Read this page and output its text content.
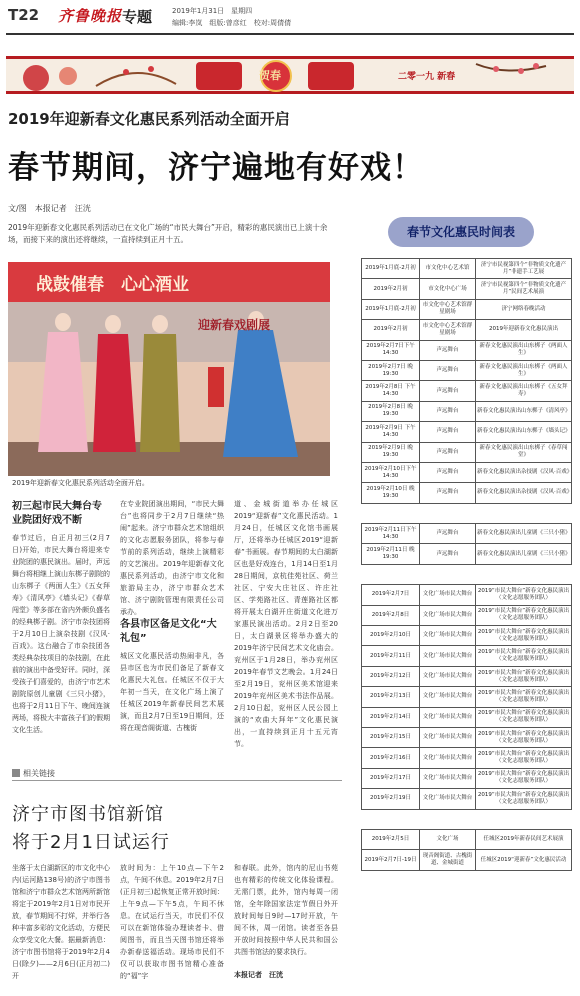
T22 齐鲁晚报 专题	2019年1月31日　星期四
编辑:李岚　组版:曾彦红　校对:周倩倩
贺春	二零一九 新春
2019年迎新春文化惠民系列活动全面开启
春节期间，济宁遍地有好戏！
文/图　本报记者　汪洸
2019年迎新春文化惠民系列活动已在文化广场的“市民大舞台”开启，精彩的惠民演出已上演十余场，而接下来的演出还将继续，一直持续到正月十五。
战鼓催春　心心酒业
迎新春戏剧展
2019年迎新春文化惠民系列活动全面开启。
初三起市民大舞台专业院团好戏不断
春节过后，自正月初三(2月7日)开始，市民大舞台将迎来专业院团的惠民演出。届时，声远舞台将相继上演山东梆子剧院的山东梆子《两面人生》《五女拜寿》《清风亭》《墙头记》《春草闯堂》等多部在省内外颇负盛名的经典梆子剧。济宁市杂技团将于2月10日上演杂技剧《汉风·百戏》。这台融合了市杂技团各类经典杂技项目的杂技剧，在此前的演出中备受好评。同时，深受孩子们喜爱的，由济宁市艺术剧院原创儿童剧《三只小猪》，也将于2月11日下午、晚间连演两场，将极大丰富孩子们的假期文化生活。
在专业院团演出期间，“市民大舞台”也将同步于2月7日继续“热闹”起来。济宁市群众艺术馆组织的文化志愿服务团队，将参与春节前的系列活动，继续上演精彩的文艺演出。2019年迎新春文化惠民系列活动，由济宁市文化和旅游局主办，济宁市群众艺术馆、济宁剧院管理有限责任公司承办。
各县市区备足文化“大礼包”
城区文化惠民活动热闹非凡，各县市区也为市民们备足了新春文化惠民大礼包。任城区不仅于大年初一当天，在文化广场上演了任城区2019年新春民间艺术展演，而且2月7日至19日期间，还将在现音阁街道、古槐街
道、金城街道举办任城区2019“迎新春”文化惠民活动。1月24日，任城区文化馆书画展厅，还将举办任城区2019“迎新春”书画展。春节期间的太白湖新区也是好戏连台，1月14日至1月28日期间，京杭佳苑社区、荷兰社区、宁安大庄社区、许庄社区、学苑路社区、青莲路社区都将开展太白湖开庄街道文化进万家惠民演出活动。2月2日至20日，太白湖景区将举办盛大的2019年济宁民间艺术文化庙会。兖州区于1月28日，举办兖州区2019年春节文艺晚会。1月24日至2月19日，兖州区美术馆迎来2019年兖州区美术书法作品展。2月10日起，兖州区人民公园上演的“欢曲大拜年”文化惠民演出，一直持续到正月十五元宵节。
相关链接
济宁市图书馆新馆
将于2月1日试运行
坐落于太白湖新区的市文化中心内(运河路138号)的济宁市图书馆和济宁市群众艺术馆两所新馆将定于2019年2月1日对市民开放，春节期间不打烊，并举行各种丰富多彩的文化活动，方便民众享受文化大餐。据最新消息：济宁市图书馆将于2019年2月4日(除夕)——2月6日(正月初二)开
放时间为：上午10点—下午2点，午间不休息。2019年2月7日(正月初三)起恢复正常开放时间：上午9点—下午5点，午间不休息。在试运行当天，市民们不仅可以在新馆体验办理读者卡、借阅图书，而且当天图书馆还将举办新春送福活动。现场市民们不仅可以获取市图书馆精心准备的“福”字
和春联。此外，馆内的尼山书苑也有精彩的传统文化体验课程。无需门票，此外，馆内每周一闭馆，全年除国家法定节假日外开放时间每日9时—17时开放，午间不休，周一闭馆。读者至各县开放时间按照中华人民共和国公共图书馆法的要求执行。
本报记者　汪洸
春节文化惠民时间表
2019年1月底-2月初	市文化中心艺术馆	济宁市民视第四个“非物质文化遗产月”非遗手工艺展
2019年2月初	市文化中心广场	济宁市民视第四个“非物质文化遗产月”民间艺术展演
2019年1月底-2月初	市文化中心艺术馆群星剧场	济宁网络春晚活动
2019年2月初	市文化中心艺术馆群星剧场	2019年迎新春文化惠民演出
2019年2月7日下午14:30	声远舞台	新春文化惠民演出山东梆子《两面人生》
2019年2月7日 晚19:30	声远舞台	新春文化惠民演出山东梆子《两面人生》
2019年2月8日 下午14:30	声远舞台	新春文化惠民演出山东梆子《五女拜寿》
2019年2月8日 晚19:30	声远舞台	新春文化惠民演出山东梆子《清风亭》
2019年2月9日 下午14:30	声远舞台	新春文化惠民演出山东梆子《墙头记》
2019年2月9日 晚19:30	声远舞台	新春文化惠民演出山东梆子《春草闯堂》
2019年2月10日下午14:30	声远舞台	新春文化惠民演出杂技剧《汉风·百戏》
2019年2月10日 晚19:30	声远舞台	新春文化惠民演出杂技剧《汉风·百戏》

2019年2月11日下午14:30	声远舞台	新春文化惠民演出儿童剧《三只小猪》
2019年2月11日 晚19:30	声远舞台	新春文化惠民演出儿童剧《三只小猪》

2019年2月7日	文化广场市民大舞台	2019“市民大舞台”新春文化惠民演出（文化志愿服务团队）
2019年2月8日	文化广场市民大舞台	2019“市民大舞台”新春文化惠民演出（文化志愿服务团队）
2019年2月10日	文化广场市民大舞台	2019“市民大舞台”新春文化惠民演出（文化志愿服务团队）
2019年2月11日	文化广场市民大舞台	2019“市民大舞台”新春文化惠民演出（文化志愿服务团队）
2019年2月12日	文化广场市民大舞台	2019“市民大舞台”新春文化惠民演出（文化志愿服务团队）
2019年2月13日	文化广场市民大舞台	2019“市民大舞台”新春文化惠民演出（文化志愿服务团队）
2019年2月14日	文化广场市民大舞台	2019“市民大舞台”新春文化惠民演出（文化志愿服务团队）
2019年2月15日	文化广场市民大舞台	2019“市民大舞台”新春文化惠民演出（文化志愿服务团队）
2019年2月16日	文化广场市民大舞台	2019“市民大舞台”新春文化惠民演出（文化志愿服务团队）
2019年2月17日	文化广场市民大舞台	2019“市民大舞台”新春文化惠民演出（文化志愿服务团队）
2019年2月19日	文化广场市民大舞台	2019“市民大舞台”新春文化惠民演出（文化志愿服务团队）

2019年2月5日	文化广场	任城区2019年新春民间艺术展演
2019年2月7日-19日	现音阁街道、古槐街道、金城街道	任城区2019“迎新春”文化惠民活动
